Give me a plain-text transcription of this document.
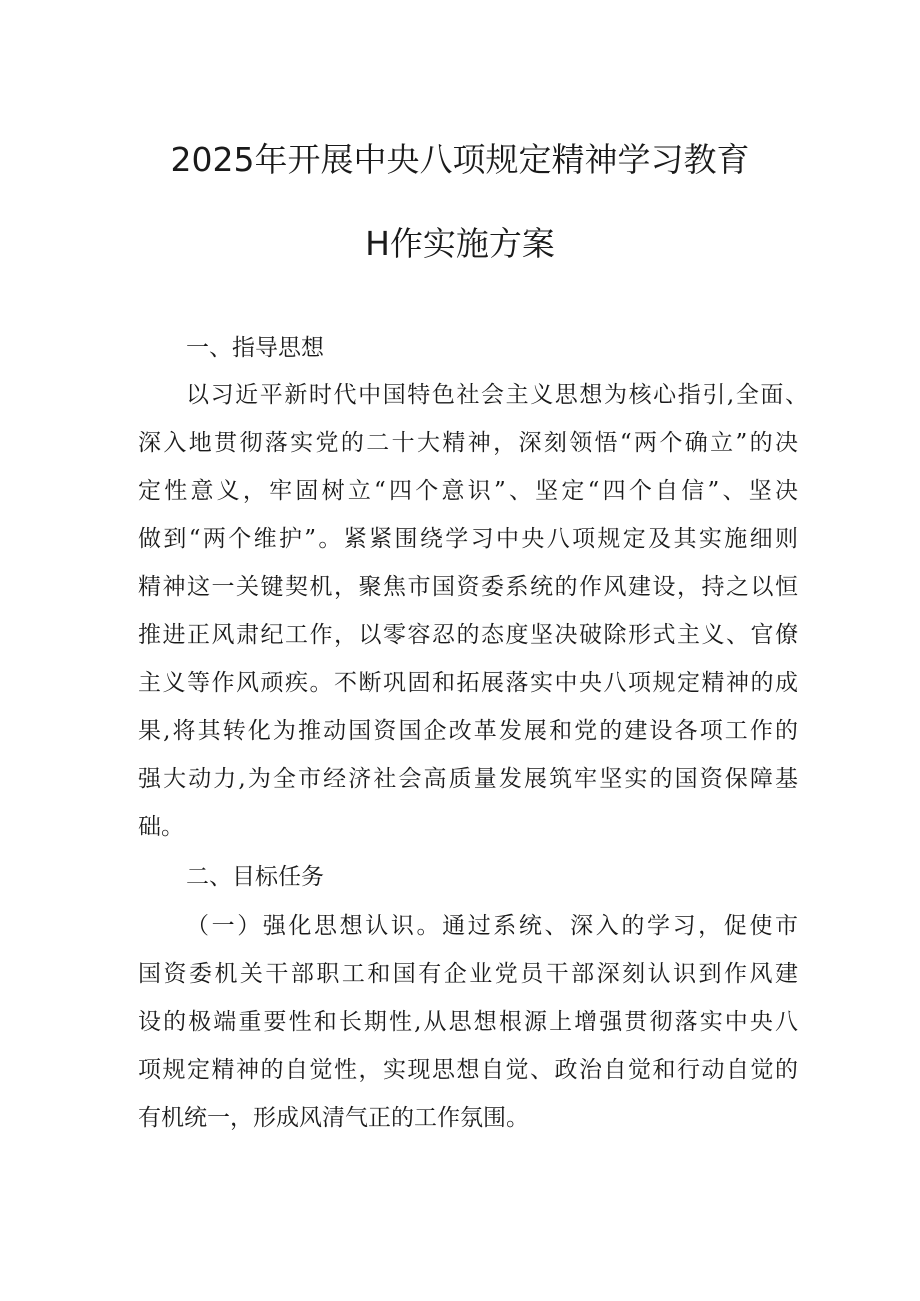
2025年开展中央八项规定精神学习教育
H作实施方案
一、指导思想
以习近平新时代中国特色社会主义思想为核心指引,全面、
深入地贯彻落实党的二十大精神，深刻领悟“两个确立”的决
定性意义，牢固树立“四个意识”、坚定“四个自信”、坚决
做到“两个维护”。紧紧围绕学习中央八项规定及其实施细则
精神这一关键契机，聚焦市国资委系统的作风建设，持之以恒
推进正风肃纪工作，以零容忍的态度坚决破除形式主义、官僚
主义等作风顽疾。不断巩固和拓展落实中央八项规定精神的成
果,将其转化为推动国资国企改革发展和党的建设各项工作的
强大动力,为全市经济社会高质量发展筑牢坚实的国资保障基
础。
二、目标任务
（一）强化思想认识。通过系统、深入的学习，促使市
国资委机关干部职工和国有企业党员干部深刻认识到作风建
设的极端重要性和长期性,从思想根源上增强贯彻落实中央八
项规定精神的自觉性，实现思想自觉、政治自觉和行动自觉的
有机统一，形成风清气正的工作氛围。
